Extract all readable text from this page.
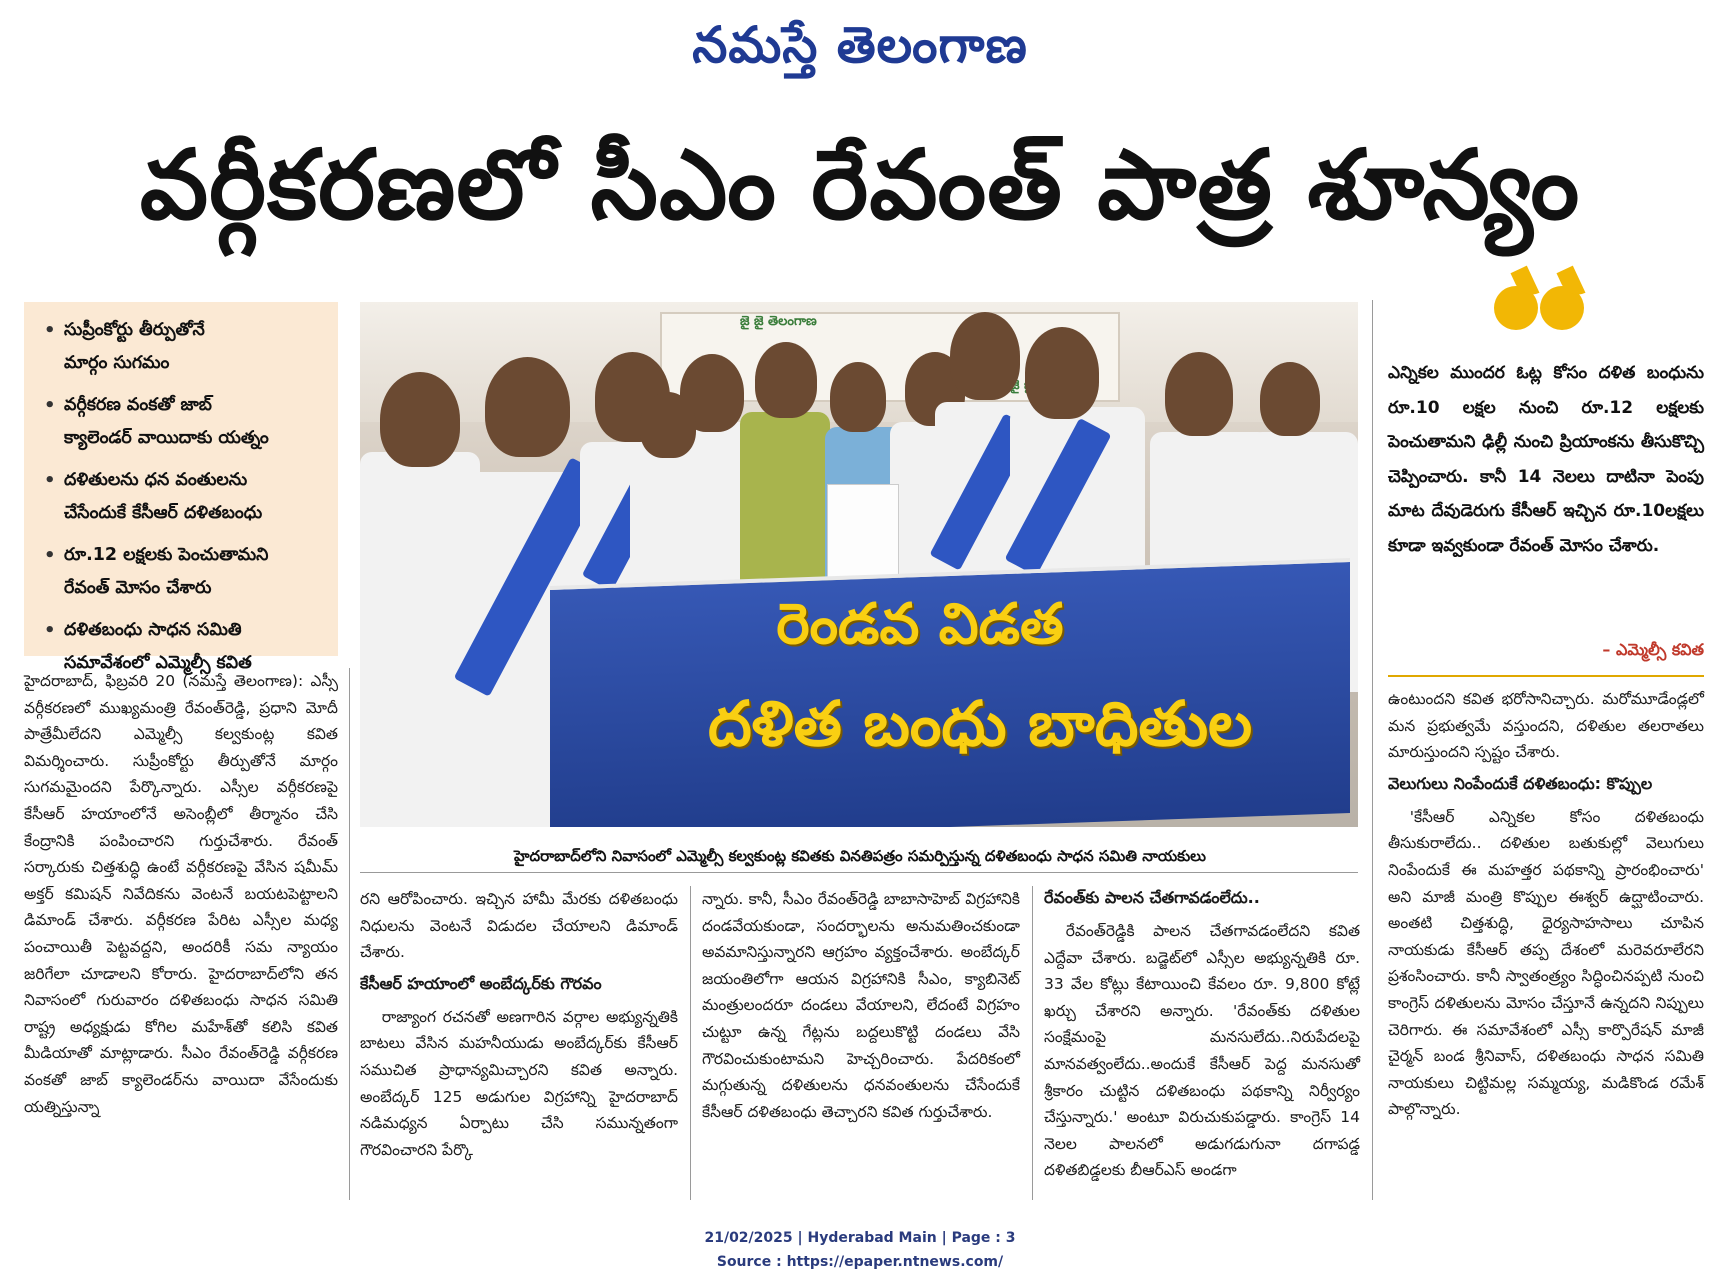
నమస్తే తెలంగాణ
వర్గీకరణలో సీఎం రేవంత్ పాత్ర శూన్యం
• సుప్రీంకోర్టు తీర్పుతోనే
మార్గం సుగమం
• వర్గీకరణ వంకతో జాబ్
క్యాలెండర్ వాయిదాకు యత్నం
• దళితులను ధన వంతులను
చేసేందుకే కేసీఆర్ దళితబంధు
• రూ.12 లక్షలకు పెంచుతామని
రేవంత్ మోసం చేశారు
• దళితబంధు సాధన సమితి
సమావేశంలో ఎమ్మెల్సీ కవిత
జై జై తెలంగాణ
జై
రెండవ విడత
దళిత బంధు బాధితుల
హైదరాబాద్‌లోని నివాసంలో ఎమ్మెల్సీ కల్వకుంట్ల కవితకు వినతిపత్రం సమర్పిస్తున్న దళితబంధు సాధన సమితి నాయకులు
ఎన్నికల ముందర ఓట్ల కోసం దళిత బంధును రూ.10 లక్షల నుంచి రూ.12 లక్షలకు పెంచుతామని ఢిల్లీ నుంచి ప్రియాంకను తీసుకొచ్చి చెప్పించారు. కానీ 14 నెలలు దాటినా పెంపు మాట దేవుడెరుగు కేసీఆర్ ఇచ్చిన రూ.10లక్షలు కూడా ఇవ్వకుండా రేవంత్ మోసం చేశారు.
– ఎమ్మెల్సీ కవిత

హైదరాబాద్, ఫిబ్రవరి 20 (నమస్తే తెలంగాణ): ఎస్సీ వర్గీకరణలో ముఖ్యమంత్రి రేవంత్‌రెడ్డి, ప్రధాని మోదీ పాత్రేమీలేదని ఎమ్మెల్సీ కల్వకుంట్ల కవిత విమర్శించారు. సుప్రీంకోర్టు తీర్పుతోనే మార్గం సుగమమైందని పేర్కొన్నారు. ఎస్సీల వర్గీకరణపై కేసీఆర్ హయాంలోనే అసెంబ్లీలో తీర్మానం చేసి కేంద్రానికి పంపించారని గుర్తుచేశారు. రేవంత్ సర్కారుకు చిత్తశుద్ధి ఉంటే వర్గీకరణపై వేసిన షమీమ్ అక్తర్ కమిషన్ నివేదికను వెంటనే బయటపెట్టాలని డిమాండ్ చేశారు. వర్గీకరణ పేరిట ఎస్సీల మధ్య పంచాయితీ పెట్టవద్దని, అందరికీ సమ న్యాయం జరిగేలా చూడాలని కోరారు. హైదరాబాద్‌లోని తన నివాసంలో గురువారం దళితబంధు సాధన సమితి రాష్ట్ర అధ్యక్షుడు కోగిల మహేశ్‌తో కలిసి కవిత మీడియాతో మాట్లాడారు. సీఎం రేవంత్‌రెడ్డి వర్గీకరణ వంకతో జాబ్ క్యాలెండర్‌ను వాయిదా వేసేందుకు యత్నిస్తున్నా

రని ఆరోపించారు. ఇచ్చిన హామీ మేరకు దళితబంధు నిధులను వెంటనే విడుదల చేయాలని డిమాండ్ చేశారు.

కేసీఆర్ హయాంలో అంబేద్కర్‌కు గౌరవం

రాజ్యాంగ రచనతో అణగారిన వర్గాల అభ్యున్నతికి బాటలు వేసిన మహనీయుడు అంబేద్కర్‌కు కేసీఆర్ సముచిత ప్రాధాన్యమిచ్చారని కవిత అన్నారు. అంబేద్కర్ 125 అడుగుల విగ్రహాన్ని హైదరాబాద్ నడిమధ్యన ఏర్పాటు చేసి సమున్నతంగా గౌరవించారని పేర్కొ

న్నారు. కానీ, సీఎం రేవంత్‌రెడ్డి బాబాసాహెబ్ విగ్రహానికి దండవేయకుండా, సందర్భాలను అనుమతించకుండా అవమానిస్తున్నారని ఆగ్రహం వ్యక్తంచేశారు. అంబేద్కర్ జయంతిలోగా ఆయన విగ్రహానికి సీఎం, క్యాబినెట్ మంత్రులందరూ దండలు వేయాలని, లేదంటే విగ్రహం చుట్టూ ఉన్న గేట్లను బద్దలుకొట్టి దండలు వేసి గౌరవించుకుంటామని హెచ్చరించారు. పేదరికంలో మగ్గుతున్న దళితులను ధనవంతులను చేసేందుకే కేసీఆర్ దళితబంధు తెచ్చారని కవిత గుర్తుచేశారు.

రేవంత్‌కు పాలన చేతగావడంలేదు..

రేవంత్‌రెడ్డికి పాలన చేతగావడంలేదని కవిత ఎద్దేవా చేశారు. బడ్జెట్‌లో ఎస్సీల అభ్యున్నతికి రూ. 33 వేల కోట్లు కేటాయించి కేవలం రూ. 9,800 కోట్లే ఖర్చు చేశారని అన్నారు. 'రేవంత్‌కు దళితుల సంక్షేమంపై మనసులేదు..నిరుపేదలపై మానవత్వంలేదు..అందుకే కేసీఆర్ పెద్ద మనసుతో శ్రీకారం చుట్టిన దళితబంధు పథకాన్ని నిర్వీర్యం చేస్తున్నారు.' అంటూ విరుచుకుపడ్డారు. కాంగ్రెస్ 14 నెలల పాలనలో అడుగడుగునా దగాపడ్డ దళితబిడ్డలకు బీఆర్‌ఎస్ అండగా

ఉంటుందని కవిత భరోసానిచ్చారు. మరోమూడేండ్లలో మన ప్రభుత్వమే వస్తుందని, దళితుల తలరాతలు మారుస్తుందని స్పష్టం చేశారు.

వెలుగులు నింపేందుకే దళితబంధు: కొప్పుల

'కేసీఆర్ ఎన్నికల కోసం దళితబంధు తీసుకురాలేదు.. దళితుల బతుకుల్లో వెలుగులు నింపేందుకే ఈ మహత్తర పథకాన్ని ప్రారంభించారు' అని మాజీ మంత్రి కొప్పుల ఈశ్వర్ ఉద్ఘాటించారు. అంతటి చిత్తశుద్ధి, ధైర్యసాహసాలు చూపిన నాయకుడు కేసీఆర్ తప్ప దేశంలో మరెవరూలేరని ప్రశంసించారు. కానీ స్వాతంత్ర్యం సిద్ధించినప్పటి నుంచి కాంగ్రెస్ దళితులను మోసం చేస్తూనే ఉన్నదని నిప్పులు చెరిగారు. ఈ సమావేశంలో ఎస్సీ కార్పొరేషన్ మాజీ చైర్మన్ బండ శ్రీనివాస్, దళితబంధు సాధన సమితి నాయకులు చిట్టిమల్ల సమ్మయ్య, మడికొండ రమేశ్ పాల్గొన్నారు.

21/02/2025 | Hyderabad Main | Page : 3
Source : https://epaper.ntnews.com/
